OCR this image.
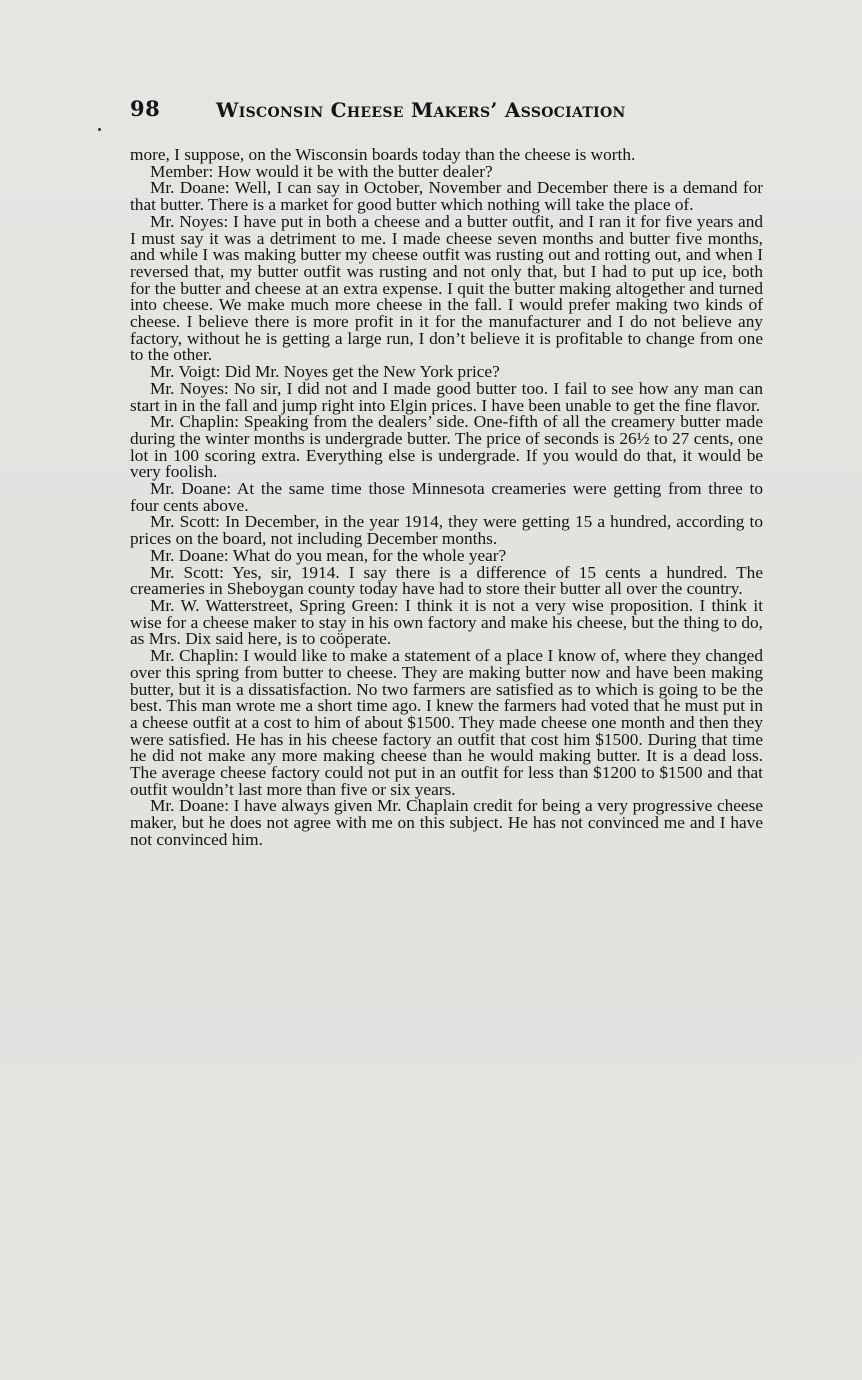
98	Wisconsin Cheese Makers’ Association

more, I suppose, on the Wisconsin boards today than the cheese is worth.

Member: How would it be with the butter dealer?

Mr. Doane: Well, I can say in October, November and December there is a demand for that butter. There is a market for good butter which nothing will take the place of.

Mr. Noyes: I have put in both a cheese and a butter outfit, and I ran it for five years and I must say it was a detriment to me. I made cheese seven months and butter five months, and while I was making butter my cheese outfit was rusting out and rotting out, and when I reversed that, my butter outfit was rusting and not only that, but I had to put up ice, both for the butter and cheese at an extra expense. I quit the butter making altogether and turned into cheese. We make much more cheese in the fall. I would prefer making two kinds of cheese. I believe there is more profit in it for the manufacturer and I do not believe any factory, without he is getting a large run, I don’t believe it is profitable to change from one to the other.

Mr. Voigt: Did Mr. Noyes get the New York price?

Mr. Noyes: No sir, I did not and I made good butter too. I fail to see how any man can start in in the fall and jump right into Elgin prices. I have been unable to get the fine flavor.

Mr. Chaplin: Speaking from the dealers’ side. One-fifth of all the creamery butter made during the winter months is undergrade butter. The price of seconds is 26½ to 27 cents, one lot in 100 scoring extra. Everything else is undergrade. If you would do that, it would be very foolish.

Mr. Doane: At the same time those Minnesota creameries were getting from three to four cents above.

Mr. Scott: In December, in the year 1914, they were getting 15 a hundred, according to prices on the board, not including December months.

Mr. Doane: What do you mean, for the whole year?

Mr. Scott: Yes, sir, 1914. I say there is a difference of 15 cents a hundred. The creameries in Sheboygan county today have had to store their butter all over the country.

Mr. W. Watterstreet, Spring Green: I think it is not a very wise proposition. I think it wise for a cheese maker to stay in his own factory and make his cheese, but the thing to do, as Mrs. Dix said here, is to coöperate.

Mr. Chaplin: I would like to make a statement of a place I know of, where they changed over this spring from butter to cheese. They are making butter now and have been making butter, but it is a dissatisfaction. No two farmers are satisfied as to which is going to be the best. This man wrote me a short time ago. I knew the farmers had voted that he must put in a cheese outfit at a cost to him of about $1500. They made cheese one month and then they were satisfied. He has in his cheese factory an outfit that cost him $1500. During that time he did not make any more making cheese than he would making butter. It is a dead loss. The average cheese factory could not put in an outfit for less than $1200 to $1500 and that outfit wouldn’t last more than five or six years.

Mr. Doane: I have always given Mr. Chaplain credit for being a very progressive cheese maker, but he does not agree with me on this subject. He has not convinced me and I have not convinced him.
